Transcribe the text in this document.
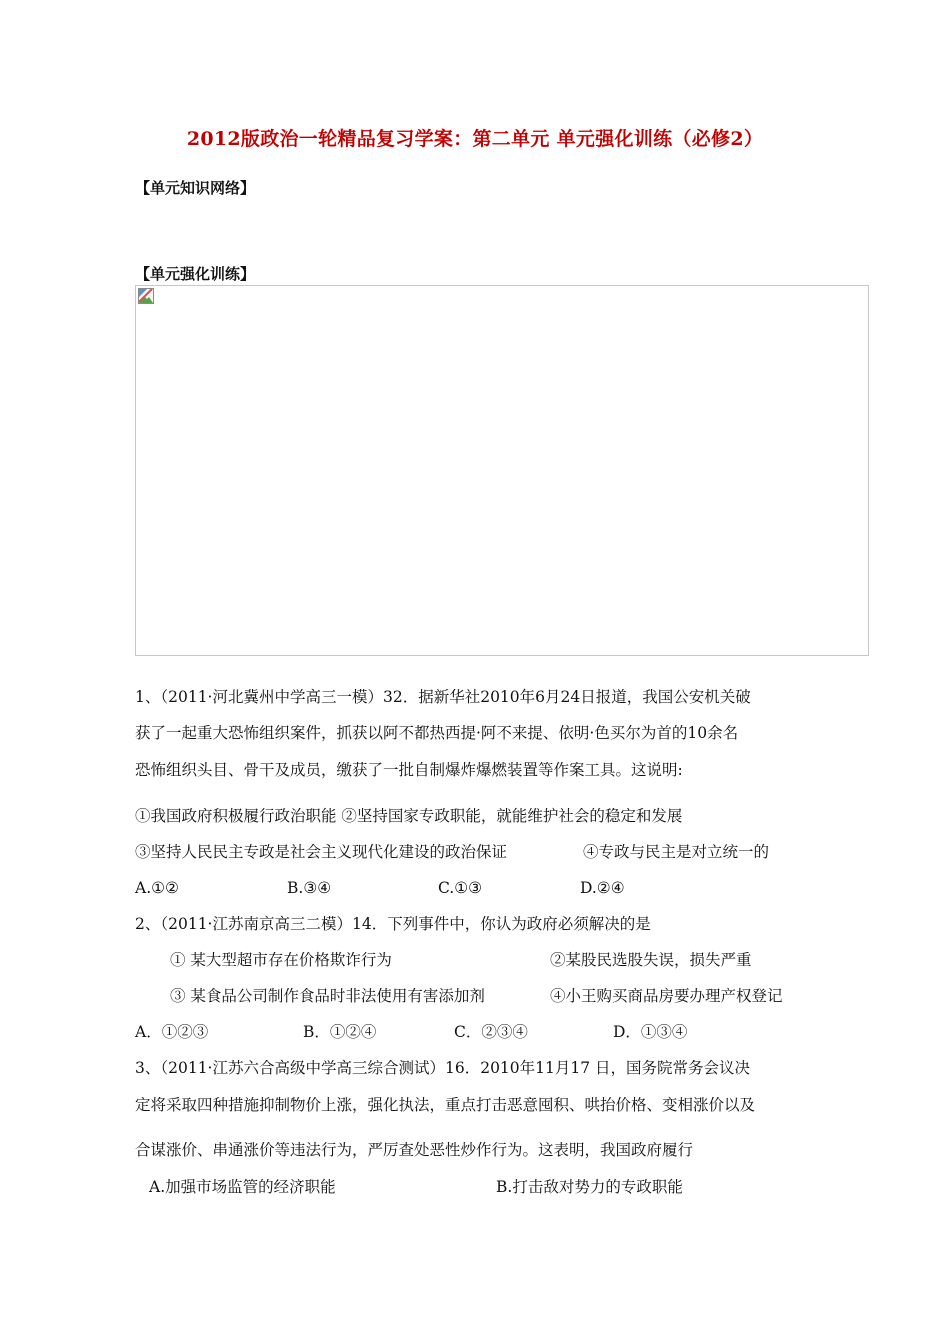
2012版政治一轮精品复习学案：第二单元 单元强化训练（必修2）
【单元知识网络】
【单元强化训练】
1、（2011·河北冀州中学高三一模）32．据新华社2010年6月24日报道，我国公安机关破
获了一起重大恐怖组织案件，抓获以阿不都热西提·阿不来提、依明·色买尔为首的10余名
恐怖组织头目、骨干及成员，缴获了一批自制爆炸爆燃装置等作案工具。这说明:
①我国政府积极履行政治职能 ②坚持国家专政职能，就能维护社会的稳定和发展
③坚持人民民主专政是社会主义现代化建设的政治保证	④专政与民主是对立统一的
A.①②	B.③④	C.①③	D.②④
2、（2011·江苏南京高三二模）14．下列事件中，你认为政府必须解决的是
① 某大型超市存在价格欺诈行为	②某股民选股失误，损失严重
③ 某食品公司制作食品时非法使用有害添加剂	④小王购买商品房要办理产权登记
A．①②③	B．①②④	C．②③④	D．①③④
3、（2011·江苏六合高级中学高三综合测试）16．2010年11月17 日，国务院常务会议决
定将采取四种措施抑制物价上涨，强化执法，重点打击恶意囤积、哄抬价格、变相涨价以及
合谋涨价、串通涨价等违法行为，严厉查处恶性炒作行为。这表明，我国政府履行
A.加强市场监管的经济职能	B.打击敌对势力的专政职能
